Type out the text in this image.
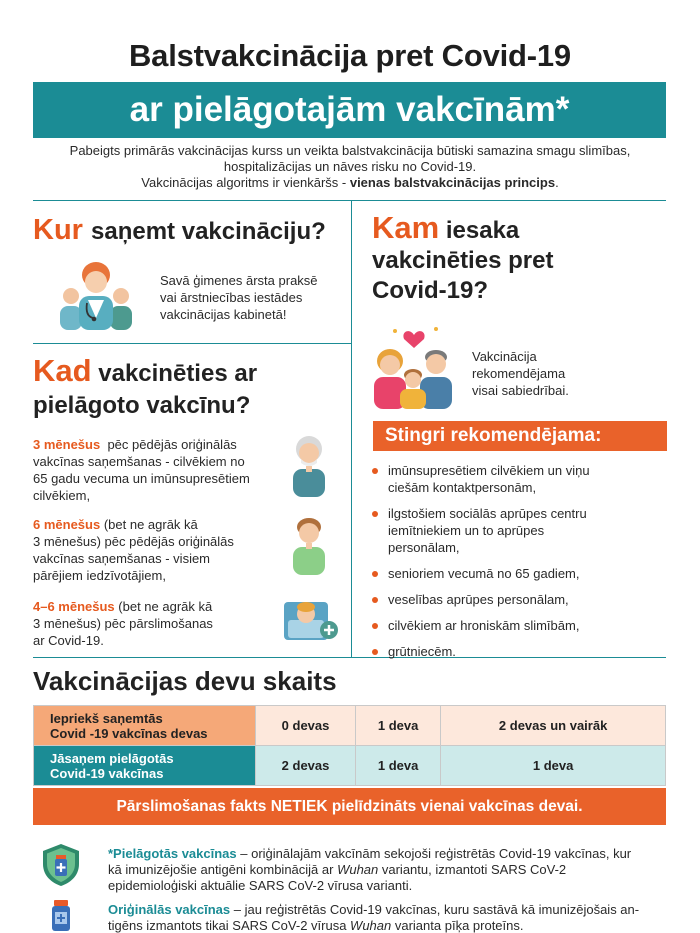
Balstvakcinācija pret Covid-19
ar pielāgotajām vakcīnām*
Pabeigts primārās vakcinācijas kurss un veikta balstvakcinācija būtiski samazina smagu slimības,
hospitalizācijas un nāves risku no Covid-19.
Vakcinācijas algoritms ir vienkāršs - vienas balstvakcinācijas princips.
Kur saņemt vakcināciju?
Savā ģimenes ārsta praksē
vai ārstniecības iestādes
vakcinācijas kabinetā!
Kad vakcinēties ar
pielāgoto vakcīnu?
3 mēnešus pēc pēdējās oriģinālās
vakcīnas saņemšanas - cilvēkiem no
65 gadu vecuma un imūnsupresētiem
cilvēkiem,
6 mēnešus (bet ne agrāk kā
3 mēnešus) pēc pēdējās oriģinālās
vakcīnas saņemšanas - visiem
pārējiem iedzīvotājiem,
4–6 mēnešus (bet ne agrāk kā
3 mēnešus) pēc pārslimošanas
ar Covid-19.
Kam iesaka
vakcinēties pret
Covid-19?
Vakcinācija
rekomendējama
visai sabiedrībai.
Stingri rekomendējama:
imūnsupresētiem cilvēkiem un viņu
ciešām kontaktpersonām,
ilgstošiem sociālās aprūpes centru
iemītniekiem un to aprūpes
personālam,
senioriem vecumā no 65 gadiem,
veselības aprūpes personālam,
cilvēkiem ar hroniskām slimībām,
grūtniecēm.
Vakcinācijas devu skaits
Iepriekš saņemtās
Covid -19 vakcīnas devas	0 devas	1 deva	2 devas un vairāk

Jāsaņem pielāgotās
Covid-19 vakcīnas	2 devas	1 deva	1 deva
Pārslimošanas fakts NETIEK pielīdzināts vienai vakcīnas devai.
*Pielāgotās vakcīnas – oriģinālajām vakcīnām sekojoši reģistrētās Covid-19 vakcīnas, kur
kā imunizējošie antigēni kombinācijā ar Wuhan variantu, izmantoti SARS CoV-2
epidemioloģiski aktuālie SARS CoV-2 vīrusa varianti.
Oriģinālās vakcīnas – jau reģistrētās Covid-19 vakcīnas, kuru sastāvā kā imunizējošais an-
tigēns izmantots tikai SARS CoV-2 vīrusa Wuhan varianta pīķa proteīns.
